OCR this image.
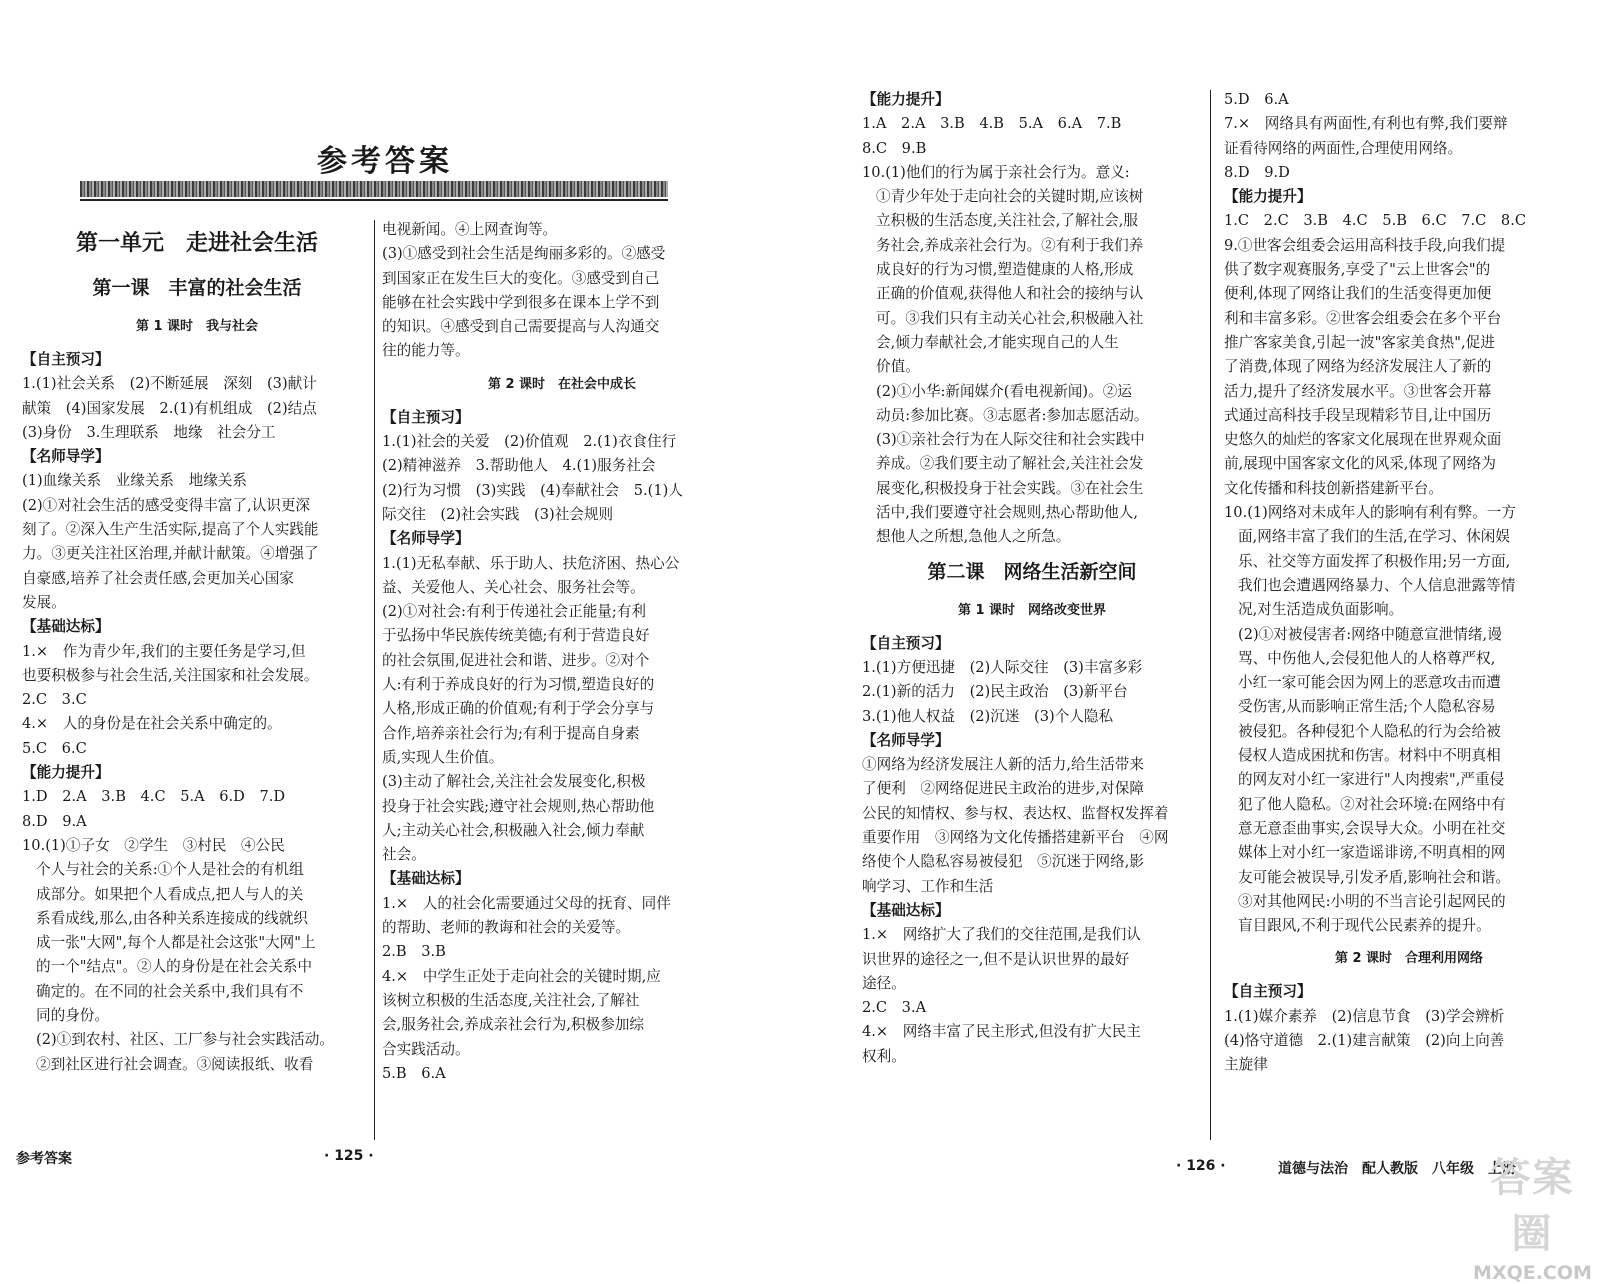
参考答案
第一单元　走进社会生活
第一课　丰富的社会生活
第 1 课时　我与社会
【自主预习】
1.(1)社会关系　(2)不断延展　深刻　(3)献计
献策　(4)国家发展　2.(1)有机组成　(2)结点
(3)身份　3.生理联系　地缘　社会分工
【名师导学】
(1)血缘关系　业缘关系　地缘关系
(2)①对社会生活的感受变得丰富了,认识更深
刻了。②深入生产生活实际,提高了个人实践能
力。③更关注社区治理,并献计献策。④增强了
自豪感,培养了社会责任感,会更加关心国家
发展。
【基础达标】
1.×　作为青少年,我们的主要任务是学习,但
也要积极参与社会生活,关注国家和社会发展。
2.C　3.C
4.×　人的身份是在社会关系中确定的。
5.C　6.C
【能力提升】
1.D　2.A　3.B　4.C　5.A　6.D　7.D
8.D　9.A
10.(1)①子女　②学生　③村民　④公民
个人与社会的关系:①个人是社会的有机组
成部分。如果把个人看成点,把人与人的关
系看成线,那么,由各种关系连接成的线就织
成一张"大网",每个人都是社会这张"大网"上
的一个"结点"。②人的身份是在社会关系中
确定的。在不同的社会关系中,我们具有不
同的身份。
(2)①到农村、社区、工厂参与社会实践活动。
②到社区进行社会调查。③阅读报纸、收看
电视新闻。④上网查询等。
(3)①感受到社会生活是绚丽多彩的。②感受
到国家正在发生巨大的变化。③感受到自己
能够在社会实践中学到很多在课本上学不到
的知识。④感受到自己需要提高与人沟通交
往的能力等。
第 2 课时　在社会中成长
【自主预习】
1.(1)社会的关爱　(2)价值观　2.(1)衣食住行
(2)精神滋养　3.帮助他人　4.(1)服务社会
(2)行为习惯　(3)实践　(4)奉献社会　5.(1)人
际交往　(2)社会实践　(3)社会规则
【名师导学】
1.(1)无私奉献、乐于助人、扶危济困、热心公
益、关爱他人、关心社会、服务社会等。
(2)①对社会:有利于传递社会正能量;有利
于弘扬中华民族传统美德;有利于营造良好
的社会氛围,促进社会和谐、进步。②对个
人:有利于养成良好的行为习惯,塑造良好的
人格,形成正确的价值观;有利于学会分享与
合作,培养亲社会行为;有利于提高自身素
质,实现人生价值。
(3)主动了解社会,关注社会发展变化,积极
投身于社会实践;遵守社会规则,热心帮助他
人;主动关心社会,积极融入社会,倾力奉献
社会。
【基础达标】
1.×　人的社会化需要通过父母的抚育、同伴
的帮助、老师的教诲和社会的关爱等。
2.B　3.B
4.×　中学生正处于走向社会的关键时期,应
该树立积极的生活态度,关注社会,了解社
会,服务社会,养成亲社会行为,积极参加综
合实践活动。
5.B　6.A
【能力提升】
1.A　2.A　3.B　4.B　5.A　6.A　7.B
8.C　9.B
10.(1)他们的行为属于亲社会行为。意义:
①青少年处于走向社会的关键时期,应该树
立积极的生活态度,关注社会,了解社会,服
务社会,养成亲社会行为。②有利于我们养
成良好的行为习惯,塑造健康的人格,形成
正确的价值观,获得他人和社会的接纳与认
可。③我们只有主动关心社会,积极融入社
会,倾力奉献社会,才能实现自己的人生
价值。
(2)①小华:新闻媒介(看电视新闻)。②运
动员:参加比赛。③志愿者:参加志愿活动。
(3)①亲社会行为在人际交往和社会实践中
养成。②我们要主动了解社会,关注社会发
展变化,积极投身于社会实践。③在社会生
活中,我们要遵守社会规则,热心帮助他人,
想他人之所想,急他人之所急。
第二课　网络生活新空间
第 1 课时　网络改变世界
【自主预习】
1.(1)方便迅捷　(2)人际交往　(3)丰富多彩
2.(1)新的活力　(2)民主政治　(3)新平台
3.(1)他人权益　(2)沉迷　(3)个人隐私
【名师导学】
①网络为经济发展注人新的活力,给生活带来
了便利　②网络促进民主政治的进步,对保障
公民的知情权、参与权、表达权、监督权发挥着
重要作用　③网络为文化传播搭建新平台　④网
络使个人隐私容易被侵犯　⑤沉迷于网络,影
响学习、工作和生活
【基础达标】
1.×　网络扩大了我们的交往范围,是我们认
识世界的途径之一,但不是认识世界的最好
途径。
2.C　3.A
4.×　网络丰富了民主形式,但没有扩大民主
权利。
5.D　6.A
7.×　网络具有两面性,有利也有弊,我们要辩
证看待网络的两面性,合理使用网络。
8.D　9.D
【能力提升】
1.C　2.C　3.B　4.C　5.B　6.C　7.C　8.C
9.①世客会组委会运用高科技手段,向我们提
供了数字观赛服务,享受了"云上世客会"的
便利,体现了网络让我们的生活变得更加便
利和丰富多彩。②世客会组委会在多个平台
推广客家美食,引起一波"客家美食热",促进
了消费,体现了网络为经济发展注人了新的
活力,提升了经济发展水平。③世客会开幕
式通过高科技手段呈现精彩节目,让中国历
史悠久的灿烂的客家文化展现在世界观众面
前,展现中国客家文化的风采,体现了网络为
文化传播和科技创新搭建新平台。
10.(1)网络对未成年人的影响有利有弊。一方
面,网络丰富了我们的生活,在学习、休闲娱
乐、社交等方面发挥了积极作用;另一方面,
我们也会遭遇网络暴力、个人信息泄露等情
况,对生活造成负面影响。
(2)①对被侵害者:网络中随意宣泄情绪,谩
骂、中伤他人,会侵犯他人的人格尊严权,
小红一家可能会因为网上的恶意攻击而遭
受伤害,从而影响正常生活;个人隐私容易
被侵犯。各种侵犯个人隐私的行为会给被
侵权人造成困扰和伤害。材料中不明真相
的网友对小红一家进行"人肉搜索",严重侵
犯了他人隐私。②对社会环境:在网络中有
意无意歪曲事实,会误导大众。小明在社交
媒体上对小红一家造谣诽谤,不明真相的网
友可能会被误导,引发矛盾,影响社会和谐。
③对其他网民:小明的不当言论引起网民的
盲目跟风,不利于现代公民素养的提升。
第 2 课时　合理利用网络
【自主预习】
1.(1)媒介素养　(2)信息节食　(3)学会辨析
(4)恪守道德　2.(1)建言献策　(2)向上向善
主旋律
参考答案	· 125 ·
· 126 ·	道德与法治　配人教版　八年级　上册
答案圈
MXQE.COM
